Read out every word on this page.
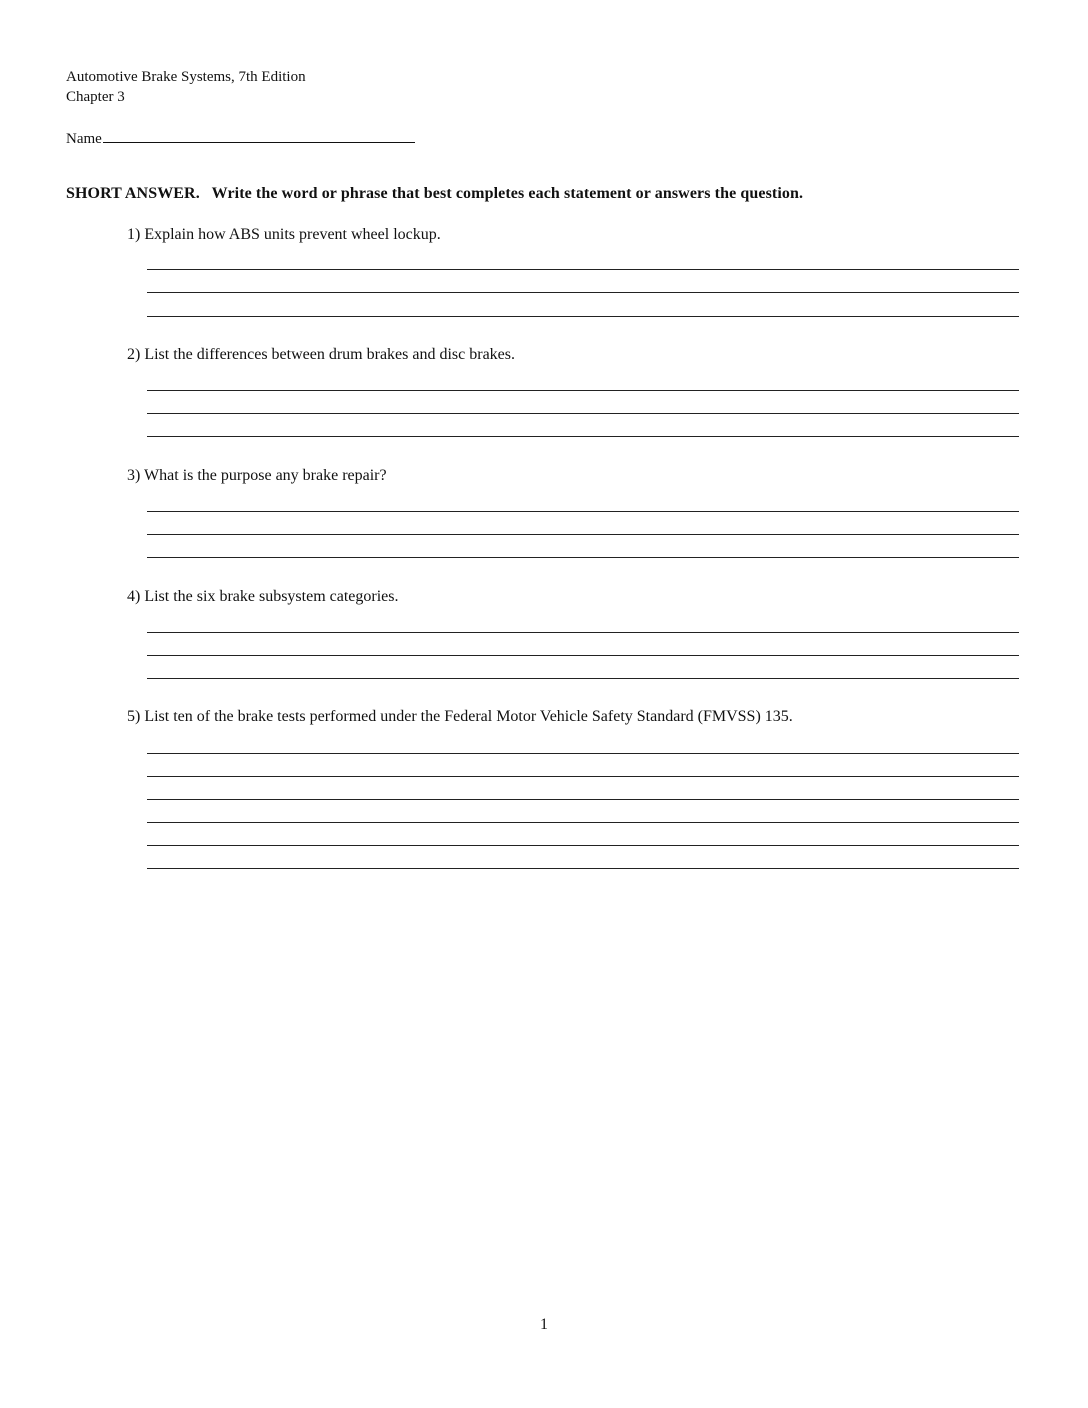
Automotive Brake Systems, 7th Edition
Chapter 3
Name
SHORT ANSWER. Write the word or phrase that best completes each statement or answers the question.
1) Explain how ABS units prevent wheel lockup.
2) List the differences between drum brakes and disc brakes.
3) What is the purpose any brake repair?
4) List the six brake subsystem categories.
5) List ten of the brake tests performed under the Federal Motor Vehicle Safety Standard (FMVSS) 135.
1
